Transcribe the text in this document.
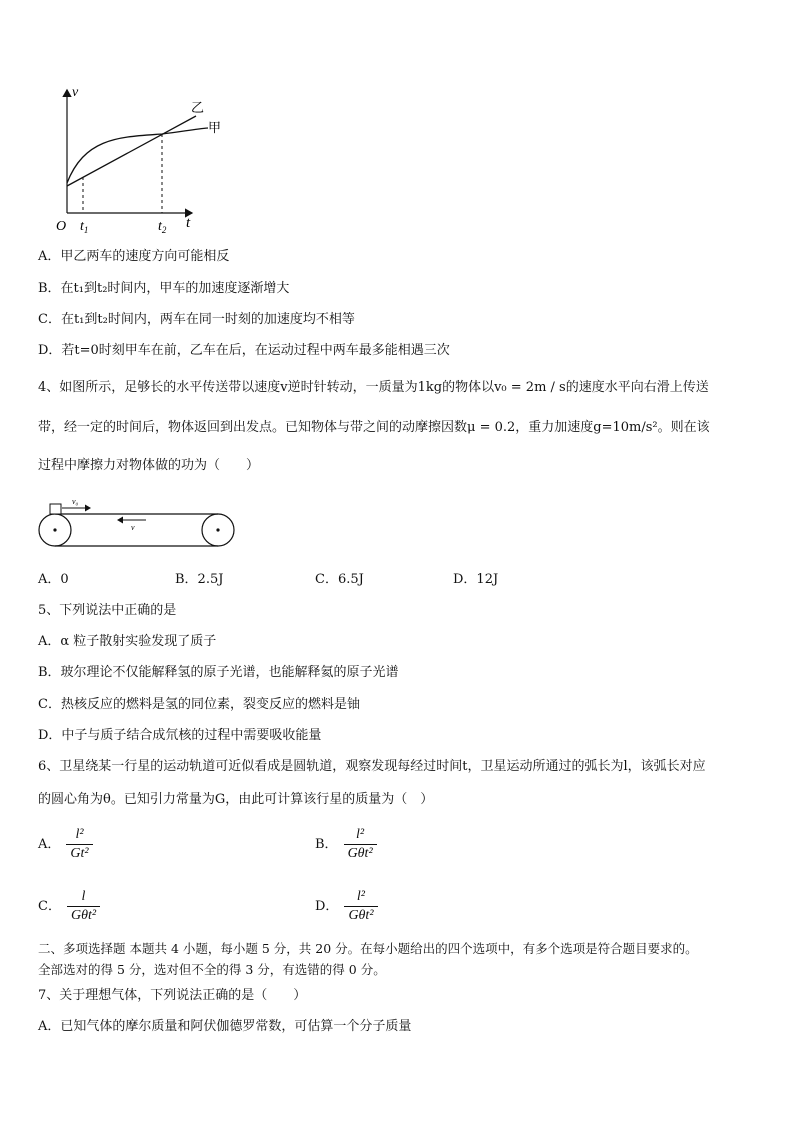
v
乙
甲
O $t_1$	$t_2$ t
A．甲乙两车的速度方向可能相反
B．在t₁到t₂时间内，甲车的加速度逐渐增大
C．在t₁到t₂时间内，两车在同一时刻的加速度均不相等
D．若t=0时刻甲车在前，乙车在后，在运动过程中两车最多能相遇三次
4、如图所示，足够长的水平传送带以速度v逆时针转动，一质量为1kg的物体以v₀ = 2m / s的速度水平向右滑上传送
带，经一定的时间后，物体返回到出发点。已知物体与带之间的动摩擦因数μ = 0.2，重力加速度g=10m/s²。则在该
过程中摩擦力对物体做的功为（　　）
v₀
v
A．0	B．2.5J	C．6.5J	D．12J
5、下列说法中正确的是
A．α 粒子散射实验发现了质子
B．玻尔理论不仅能解释氢的原子光谱，也能解释氦的原子光谱
C．热核反应的燃料是氢的同位素，裂变反应的燃料是铀
D．中子与质子结合成氘核的过程中需要吸收能量
6、卫星绕某一行星的运动轨道可近似看成是圆轨道，观察发现每经过时间t，卫星运动所通过的弧长为l，该弧长对应
的圆心角为θ。已知引力常量为G，由此可计算该行星的质量为（　）
A． $\frac{\text{l²}}{\text{Gt²}}$	B． $\frac{\text{l²}}{\text{Gθt²}}$
C． $\frac{l}{\text{Gθt²}}$	D． $\frac{\text{l²}}{\text{Gθt²}}$
二、多项选择题 本题共 4 小题，每小题 5 分，共 20 分。在每小题给出的四个选项中，有多个选项是符合题目要求的。
全部选对的得 5 分，选对但不全的得 3 分，有选错的得 0 分。
7、关于理想气体，下列说法正确的是（　　）
A．已知气体的摩尔质量和阿伏伽德罗常数，可估算一个分子质量
